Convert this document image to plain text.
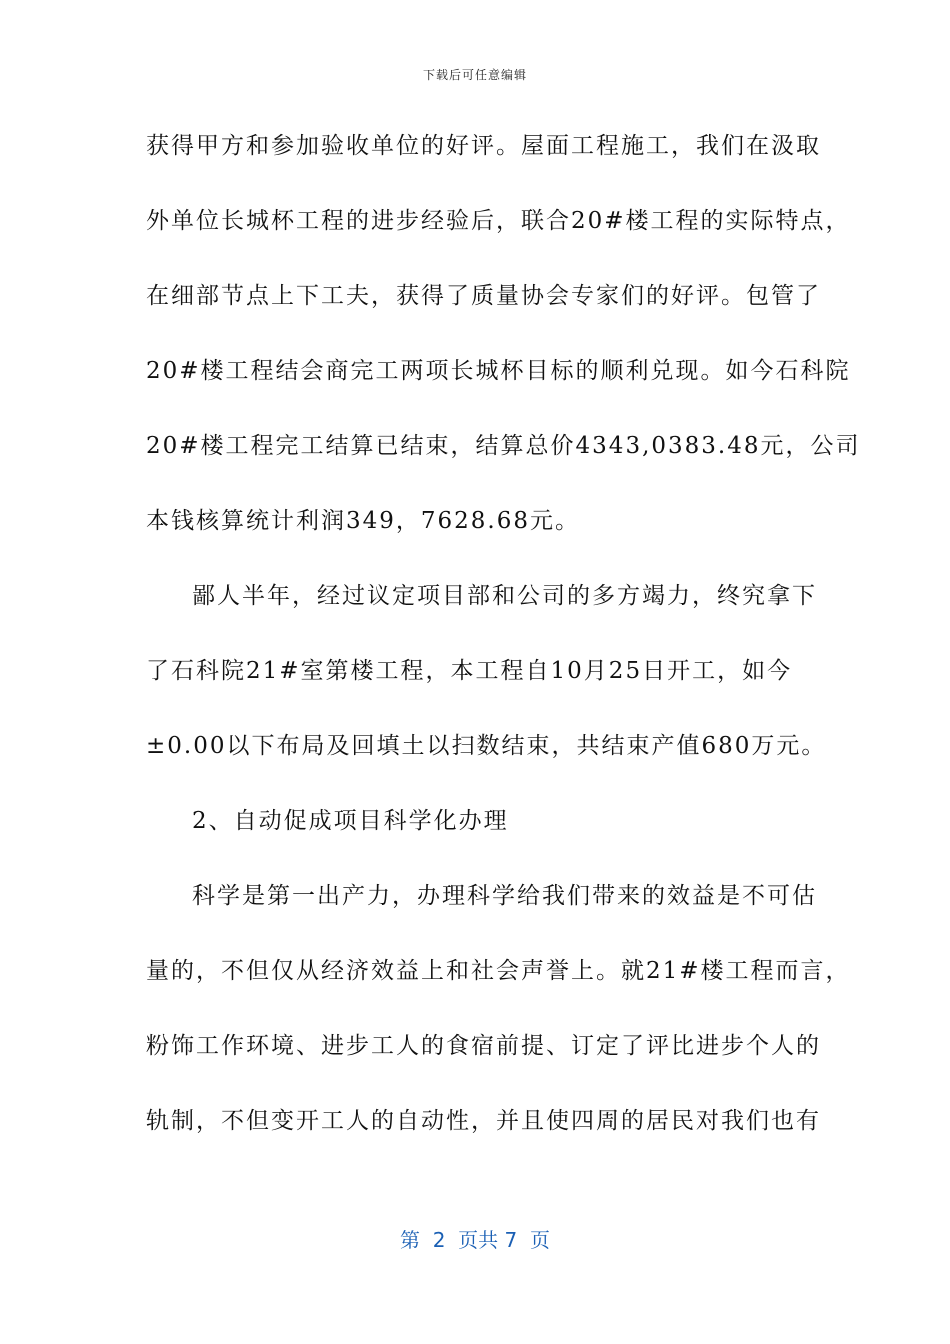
下载后可任意编辑
获得甲方和参加验收单位的好评。屋面工程施工，我们在汲取
外单位长城杯工程的进步经验后，联合20#楼工程的实际特点，
在细部节点上下工夫，获得了质量协会专家们的好评。包管了
20#楼工程结会商完工两项长城杯目标的顺利兑现。如今石科院
20#楼工程完工结算已结束，结算总价4343,0383.48元，公司
本钱核算统计利润349，7628.68元。
鄙人半年，经过议定项目部和公司的多方竭力，终究拿下
了石科院21#室第楼工程，本工程自10月25日开工，如今
±0.00以下布局及回填土以扫数结束，共结束产值680万元。
2、自动促成项目科学化办理
科学是第一出产力，办理科学给我们带来的效益是不可估
量的，不但仅从经济效益上和社会声誉上。就21#楼工程而言，
粉饰工作环境、进步工人的食宿前提、订定了评比进步个人的
轨制，不但变开工人的自动性，并且使四周的居民对我们也有
第  2  页共 7  页
